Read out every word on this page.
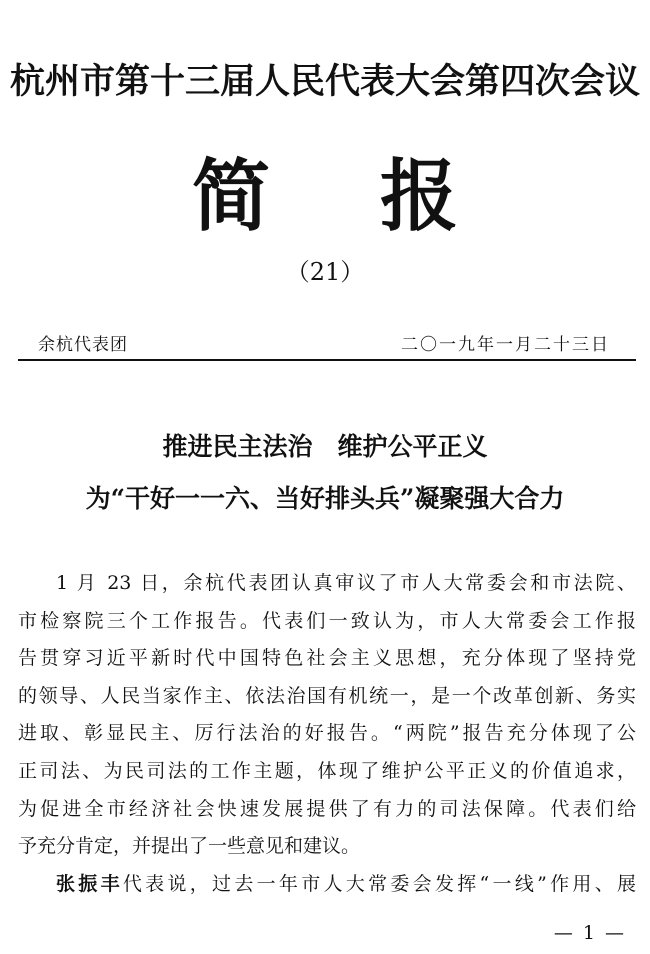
杭州市第十三届人民代表大会第四次会议
简 报
（21）
余杭代表团	二〇一九年一月二十三日
推进民主法治　维护公平正义
为“干好一一六、当好排头兵”凝聚强大合力
1 月 23 日，余杭代表团认真审议了市人大常委会和市法院、
市检察院三个工作报告。代表们一致认为，市人大常委会工作报
告贯穿习近平新时代中国特色社会主义思想，充分体现了坚持党
的领导、人民当家作主、依法治国有机统一，是一个改革创新、务实
进取、彰显民主、厉行法治的好报告。“两院”报告充分体现了公
正司法、为民司法的工作主题，体现了维护公平正义的价值追求，
为促进全市经济社会快速发展提供了有力的司法保障。代表们给
予充分肯定，并提出了一些意见和建议。
张振丰代表说，过去一年市人大常委会发挥“一线”作用、展
— 1 —
